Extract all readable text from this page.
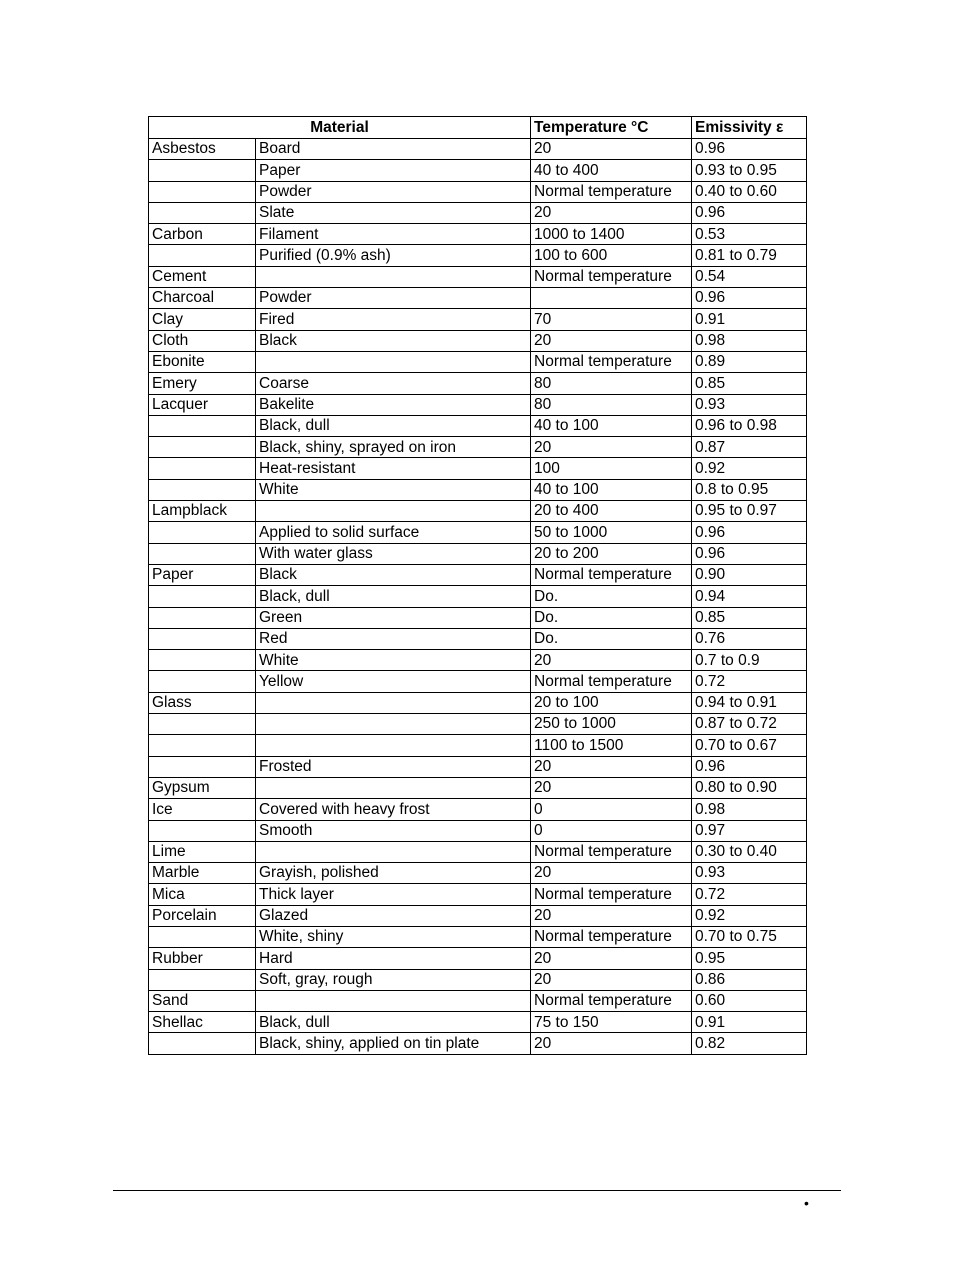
Material		Temperature °C	Emissivity ε
Asbestos	Board	20	0.96
	Paper	40 to 400	0.93 to 0.95
	Powder	Normal temperature	0.40 to 0.60
	Slate	20	0.96
Carbon	Filament	1000 to 1400	0.53
	Purified (0.9% ash)	100 to 600	0.81 to 0.79
Cement		Normal temperature	0.54
Charcoal	Powder		0.96
Clay	Fired	70	0.91
Cloth	Black	20	0.98
Ebonite		Normal temperature	0.89
Emery	Coarse	80	0.85
Lacquer	Bakelite	80	0.93
	Black, dull	40 to 100	0.96 to 0.98
	Black, shiny, sprayed on iron	20	0.87
	Heat-resistant	100	0.92
	White	40 to 100	0.8 to 0.95
Lampblack		20 to 400	0.95 to 0.97
	Applied to solid surface	50 to 1000	0.96
	With water glass	20 to 200	0.96
Paper	Black	Normal temperature	0.90
	Black, dull	Do.	0.94
	Green	Do.	0.85
	Red	Do.	0.76
	White	20	0.7 to 0.9
	Yellow	Normal temperature	0.72
Glass		20 to 100	0.94 to 0.91
		250 to 1000	0.87 to 0.72
		1100 to 1500	0.70 to 0.67
	Frosted	20	0.96
Gypsum		20	0.80 to 0.90
Ice	Covered with heavy frost	0	0.98
	Smooth	0	0.97
Lime		Normal temperature	0.30 to 0.40
Marble	Grayish, polished	20	0.93
Mica	Thick layer	Normal temperature	0.72
Porcelain	Glazed	20	0.92
	White, shiny	Normal temperature	0.70 to 0.75
Rubber	Hard	20	0.95
	Soft, gray, rough	20	0.86
Sand		Normal temperature	0.60
Shellac	Black, dull	75 to 150	0.91
	Black, shiny, applied on tin plate	20	0.82
•
